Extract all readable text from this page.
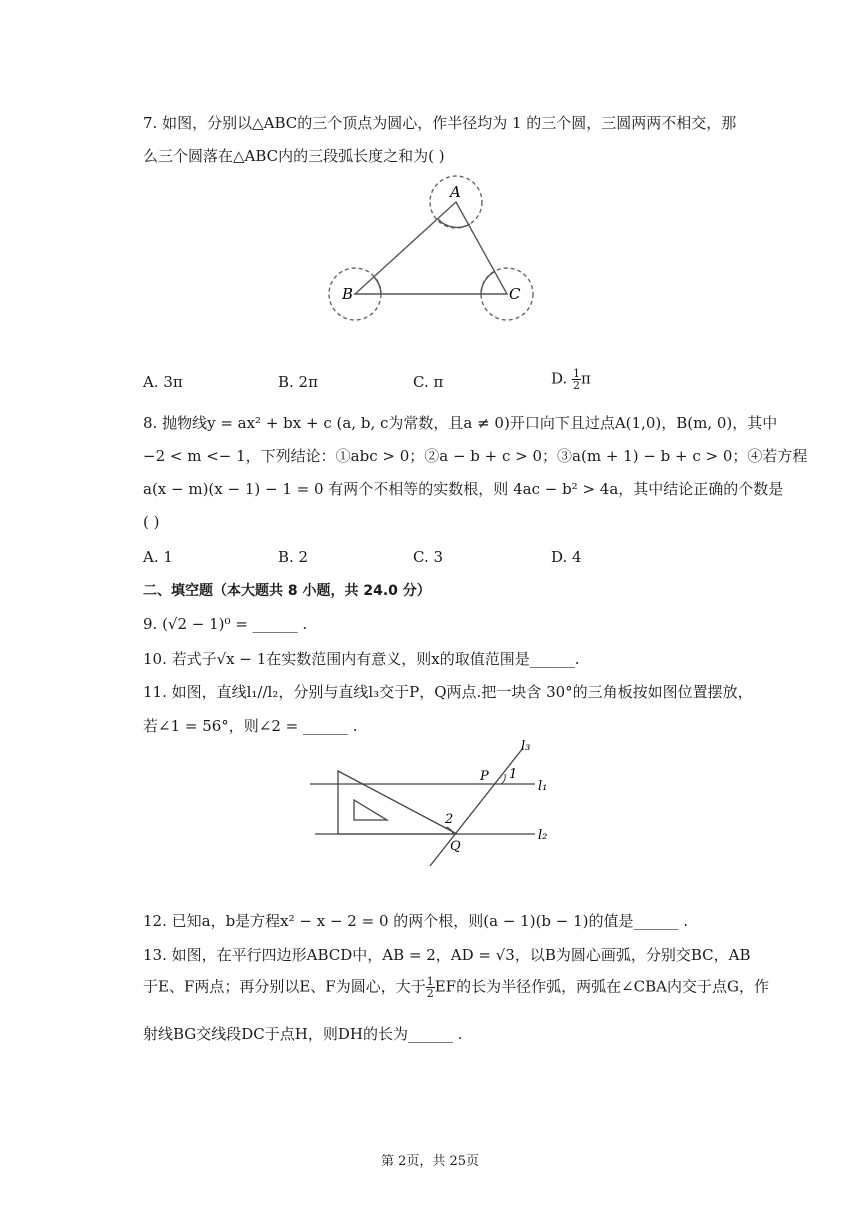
7. 如图，分别以△ABC的三个顶点为圆心，作半径均为 1 的三个圆，三圆两两不相交，那
么三个圆落在△ABC内的三段弧长度之和为( )
A
B	C
A. 3π	B. 2π	C. π	D. $\frac{1}{2}$ π
8. 抛物线y = ax² + bx + c (a, b, c为常数，且a ≠ 0)开口向下且过点A(1,0)，B(m, 0)，其中
−2 < m <− 1，下列结论：①abc > 0；②a − b + c > 0；③a(m + 1) − b + c > 0；④若方程
a(x − m)(x − 1) − 1 = 0 有两个不相等的实数根，则 4ac − b² > 4a，其中结论正确的个数是
( )
A. 1	B. 2	C. 3	D. 4
二、填空题（本大题共 8 小题，共 24.0 分）
9. (√2 − 1)⁰ = ______ .
10. 若式子√x − 1在实数范围内有意义，则x的取值范围是______.
11. 如图，直线l₁//l₂，分别与直线l₃交于P，Q两点.把一块含 30°的三角板按如图位置摆放，
若∠1 = 56°，则∠2 = ______ .
l₃
l₁
l₂
P
Q
1
2
12. 已知a，b是方程x² − x − 2 = 0 的两个根，则(a − 1)(b − 1)的值是______ .
13. 如图，在平行四边形ABCD中，AB = 2，AD = √3，以B为圆心画弧，分别交BC，AB
于E、F两点；再分别以E、F为圆心，大于 $\frac{1}{2}$ EF的长为半径作弧，两弧在∠CBA内交于点G，作
射线BG交线段DC于点H，则DH的长为______ .
第 2页，共 25页
